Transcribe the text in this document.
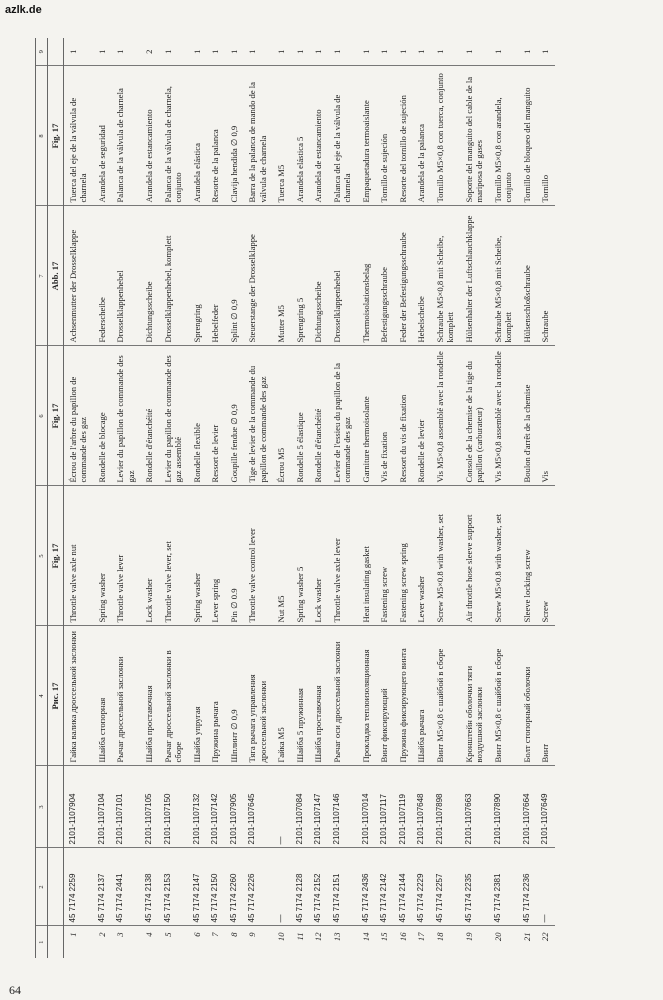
azlk.de
64
1	2	3	4	5	6	7	8	9
			Рис. 17	Fig. 17	Fig. 17	Abb. 17	Fig. 17	
1	45 7174 2259	2101-1107904	Гайка валика дроссельной заслонки	Throttle valve axle nut	Écrou de l'arbre du papillon de commande des gaz	Achsenmutter der Drosselklappe	Tuerca del eje de la válvula de charnela	1
2	45 7174 2137	2101-1107104	Шайба стопорная	Spring washer	Rondelle de blocage	Federscheibe	Arandela de seguridad	1
3	45 7174 2441	2101-1107101	Рычаг дроссельной заслонки	Throttle valve lever	Levier du papillon de commande des gaz	Drosselklappenhebel	Palanca de la válvula de charnela	1
4	45 7174 2138	2101-1107105	Шайба проставочная	Lock washer	Rondelle d'étanchéité	Dichtungsscheibe	Arandela de estancamiento	2
5	45 7174 2153	2101-1107150	Рычаг дроссельной заслонки в сборе	Throttle valve lever, set	Levier du papillon de commande des gaz assemblé	Drosselklappenhebel, komplett	Palanca de la válvula de charnela, conjunto	1
6	45 7174 2147	2101-1107132	Шайба упругая	Spring washer	Rondelle flexible	Sprengring	Arandela elástica	1
7	45 7174 2150	2101-1107142	Пружина рычага	Lever spring	Ressort de levier	Hebelfeder	Resorte de la palanca	1
8	45 7174 2260	2101-1107905	Шплинт ∅ 0,9	Pin ∅ 0.9	Goupille fendue ∅ 0,9	Splint ∅ 0,9	Clavija hendida ∅ 0,9	1
9	45 7174 2226	2101-1107645	Тяга рычага управления дроссельной заслонки	Throttle valve control lever	Tige de levier de la commande du papillon de commande des gaz	Steuerstange der Drosselklappe	Barra de la palanca de mando de la válvula de charnela	1
10	—	—	Гайка М5	Nut M5	Écrou M5	Mutter M5	Tuerca M5	1
11	45 7174 2128	2101-1107084	Шайба 5 пружинная	Spring washer 5	Rondelle 5 élastique	Sprengring 5	Arandela elástica 5	1
12	45 7174 2152	2101-1107147	Шайба проставочная	Lock washer	Rondelle d'étanchéité	Dichtungsscheibe	Arandela de estancamiento	1
13	45 7174 2151	2101-1107146	Рычаг оси дроссельной заслонки	Throttle valve axle lever	Levier de l'essieu du papillon de la commande des gaz	Drosselklappenhebel	Palanca del eje de la válvula de charnela	1
14	45 7174 2436	2101-1107014	Прокладка теплоизоляционная	Heat insulating gasket	Garniture thermoisolante	Thermoisolationsbelag	Empaquetadura termoaislante	1
15	45 7174 2142	2101-1107117	Винт фиксирующий	Fastening screw	Vis de fixation	Befestigungsschraube	Tornillo de sujeción	1
16	45 7174 2144	2101-1107119	Пружина фиксирующего винта	Fastening screw spring	Ressort du vis de fixation	Feder der Befestigungsschraube	Resorte del tornillo de sujeción	1
17	45 7174 2229	2101-1107648	Шайба рычага	Lever washer	Rondelle de levier	Hebelscheibe	Arandela de la palanca	1
18	45 7174 2257	2101-1107898	Винт М5×0,8 с шайбой в сборе	Screw M5×0.8 with washer, set	Vis M5×0,8 assemblé avec la rondelle	Schraube M5×0,8 mit Scheibe, komplett	Tornillo M5×0,8 con tuerca, conjunto	1
19	45 7174 2235	2101-1107663	Кронштейн оболочки тяги воздушной заслонки	Air throttle hose sleeve support	Console de la chemise de la tige du papillon (carburateur)	Hülsenhalter der Luftschlauchklappe	Soporte del manguito del cable de la mariposa de gases	1
20	45 7174 2381	2101-1107890	Винт М5×0,8 с шайбой в сборе	Screw M5×0.8 with washer, set	Vis M5×0,8 assemblé avec la rondelle	Schraube M5×0,8 mit Scheibe, komplett	Tornillo M5×0,8 con arandela, conjunto	1
21	45 7174 2236	2101-1107664	Болт стопорный оболочки	Sleeve locking screw	Boulon d'arrêt de la chemise	Hülsenschloßschraube	Tornillo de bloqueo del manguito	1
22	—	2101-1107649	Винт	Screw	Vis	Schraube	Tornillo	1
